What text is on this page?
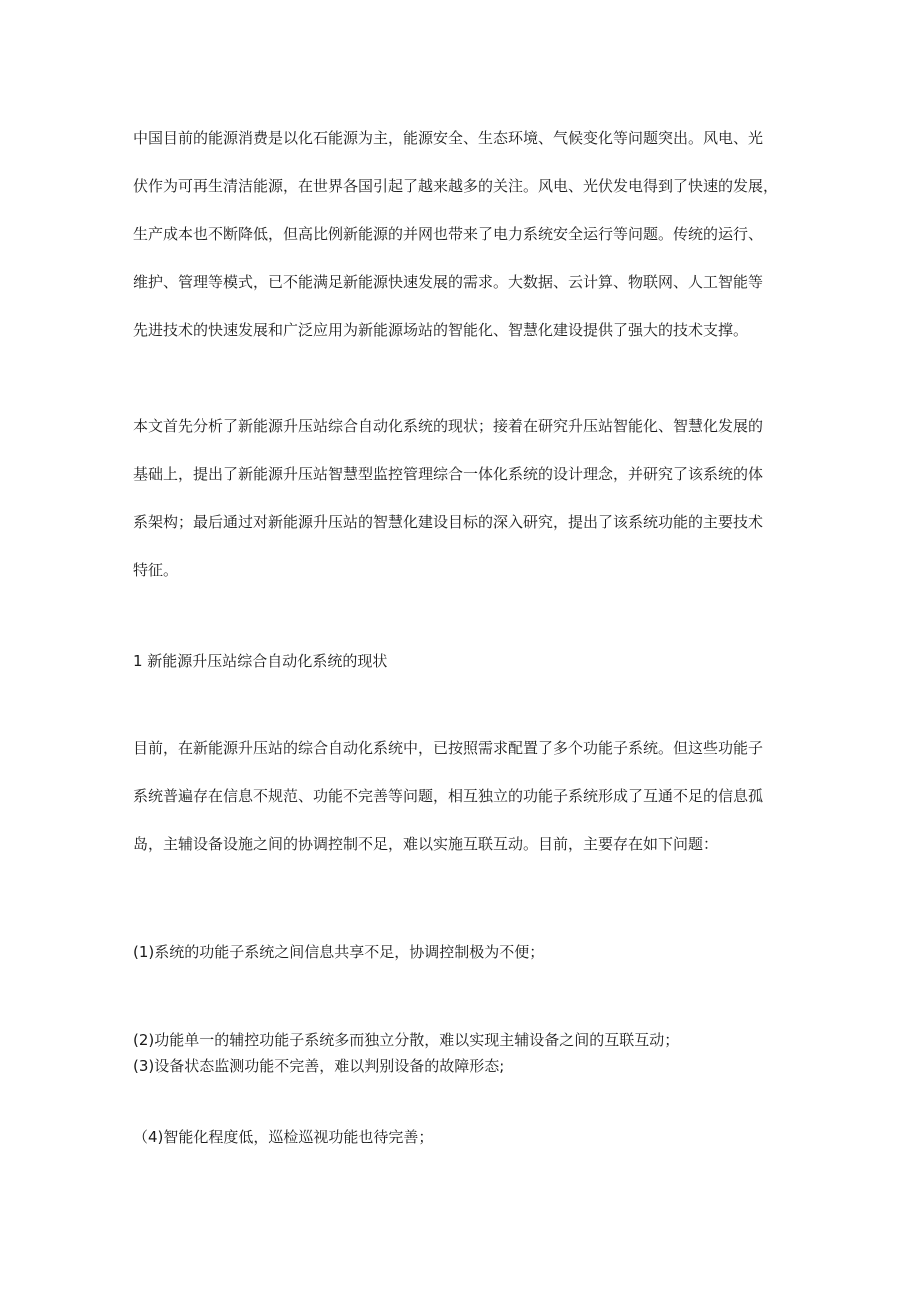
中国目前的能源消费是以化石能源为主，能源安全、生态环境、气候变化等问题突出。风电、光
伏作为可再生清洁能源，在世界各国引起了越来越多的关注。风电、光伏发电得到了快速的发展，
生产成本也不断降低，但高比例新能源的并网也带来了电力系统安全运行等问题。传统的运行、
维护、管理等模式，已不能满足新能源快速发展的需求。大数据、云计算、物联网、人工智能等
先进技术的快速发展和广泛应用为新能源场站的智能化、智慧化建设提供了强大的技术支撑。
本文首先分析了新能源升压站综合自动化系统的现状；接着在研究升压站智能化、智慧化发展的
基础上，提出了新能源升压站智慧型监控管理综合一体化系统的设计理念，并研究了该系统的体
系架构；最后通过对新能源升压站的智慧化建设目标的深入研究，提出了该系统功能的主要技术
特征。
1 新能源升压站综合自动化系统的现状
目前，在新能源升压站的综合自动化系统中，已按照需求配置了多个功能子系统。但这些功能子
系统普遍存在信息不规范、功能不完善等问题，相互独立的功能子系统形成了互通不足的信息孤
岛，主辅设备设施之间的协调控制不足，难以实施互联互动。目前，主要存在如下问题：
(1)系统的功能子系统之间信息共享不足，协调控制极为不便；
(2)功能单一的辅控功能子系统多而独立分散，难以实现主辅设备之间的互联互动；
(3)设备状态监测功能不完善，难以判别设备的故障形态;
（4)智能化程度低，巡检巡视功能也待完善；
